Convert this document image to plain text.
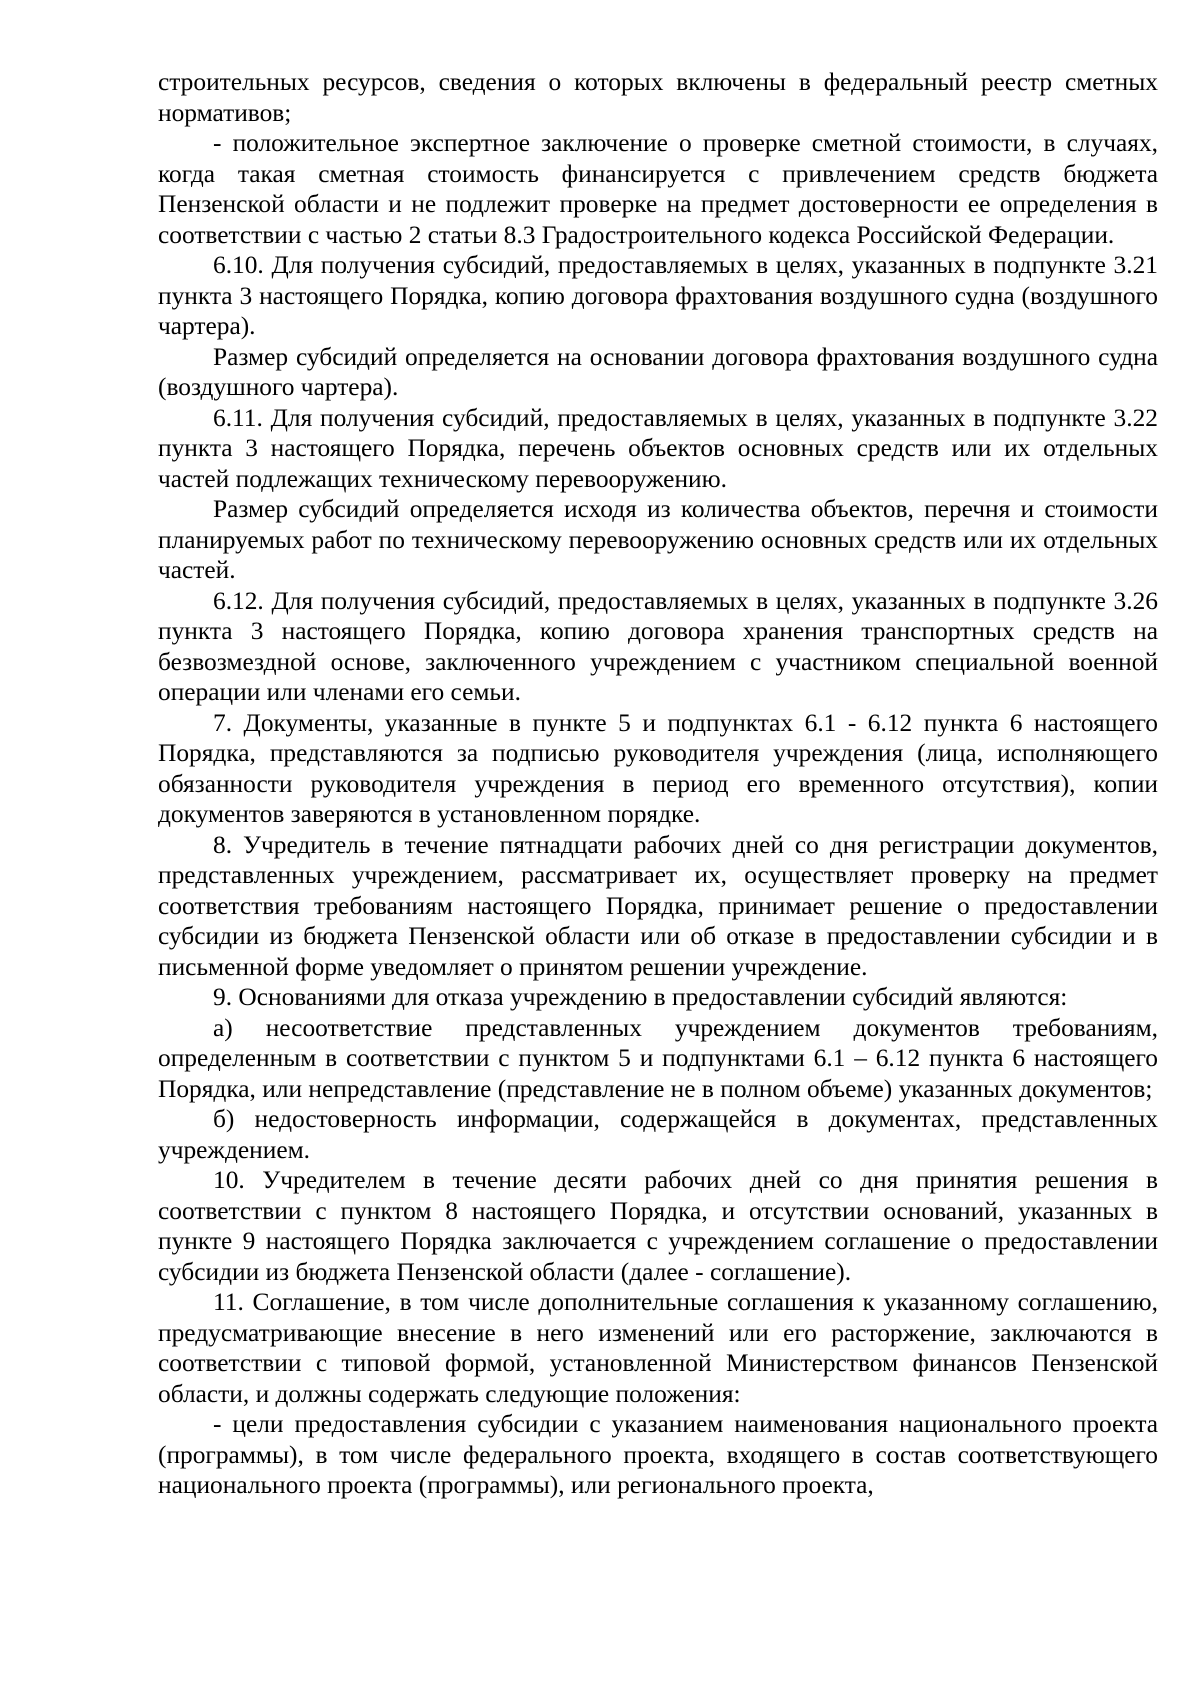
строительных ресурсов, сведения о которых включены в федеральный реестр сметных нормативов;

- положительное экспертное заключение о проверке сметной стоимости, в случаях, когда такая сметная стоимость финансируется с привлечением средств бюджета Пензенской области и не подлежит проверке на предмет достоверности ее определения в соответствии с частью 2 статьи 8.3 Градостроительного кодекса Российской Федерации.

6.10. Для получения субсидий, предоставляемых в целях, указанных в подпункте 3.21 пункта 3 настоящего Порядка, копию договора фрахтования воздушного судна (воздушного чартера).

Размер субсидий определяется на основании договора фрахтования воздушного судна (воздушного чартера).

6.11. Для получения субсидий, предоставляемых в целях, указанных в подпункте 3.22 пункта 3 настоящего Порядка, перечень объектов основных средств или их отдельных частей подлежащих техническому перевооружению.

Размер субсидий определяется исходя из количества объектов, перечня и стоимости планируемых работ по техническому перевооружению основных средств или их отдельных частей.

6.12. Для получения субсидий, предоставляемых в целях, указанных в подпункте 3.26 пункта 3 настоящего Порядка, копию договора хранения транспортных средств на безвозмездной основе, заключенного учреждением с участником специальной военной операции или членами его семьи.

7. Документы, указанные в пункте 5 и подпунктах 6.1 - 6.12 пункта 6 настоящего Порядка, представляются за подписью руководителя учреждения (лица, исполняющего обязанности руководителя учреждения в период его временного отсутствия), копии документов заверяются в установленном порядке.

8. Учредитель в течение пятнадцати рабочих дней со дня регистрации документов, представленных учреждением, рассматривает их, осуществляет проверку на предмет соответствия требованиям настоящего Порядка, принимает решение о предоставлении субсидии из бюджета Пензенской области или об отказе в предоставлении субсидии и в письменной форме уведомляет о принятом решении учреждение.

9. Основаниями для отказа учреждению в предоставлении субсидий являются:

а) несоответствие представленных учреждением документов требованиям, определенным в соответствии с пунктом 5 и подпунктами 6.1 – 6.12 пункта 6 настоящего Порядка, или непредставление (представление не в полном объеме) указанных документов;

б) недостоверность информации, содержащейся в документах, представленных учреждением.

10. Учредителем в течение десяти рабочих дней со дня принятия решения в соответствии с пунктом 8 настоящего Порядка, и отсутствии оснований, указанных в пункте 9 настоящего Порядка заключается с учреждением соглашение о предоставлении субсидии из бюджета Пензенской области (далее - соглашение).

11. Соглашение, в том числе дополнительные соглашения к указанному соглашению, предусматривающие внесение в него изменений или его расторжение, заключаются в соответствии с типовой формой, установленной Министерством финансов Пензенской области, и должны содержать следующие положения:

- цели предоставления субсидии с указанием наименования национального проекта (программы), в том числе федерального проекта, входящего в состав соответствующего национального проекта (программы), или регионального проекта,
